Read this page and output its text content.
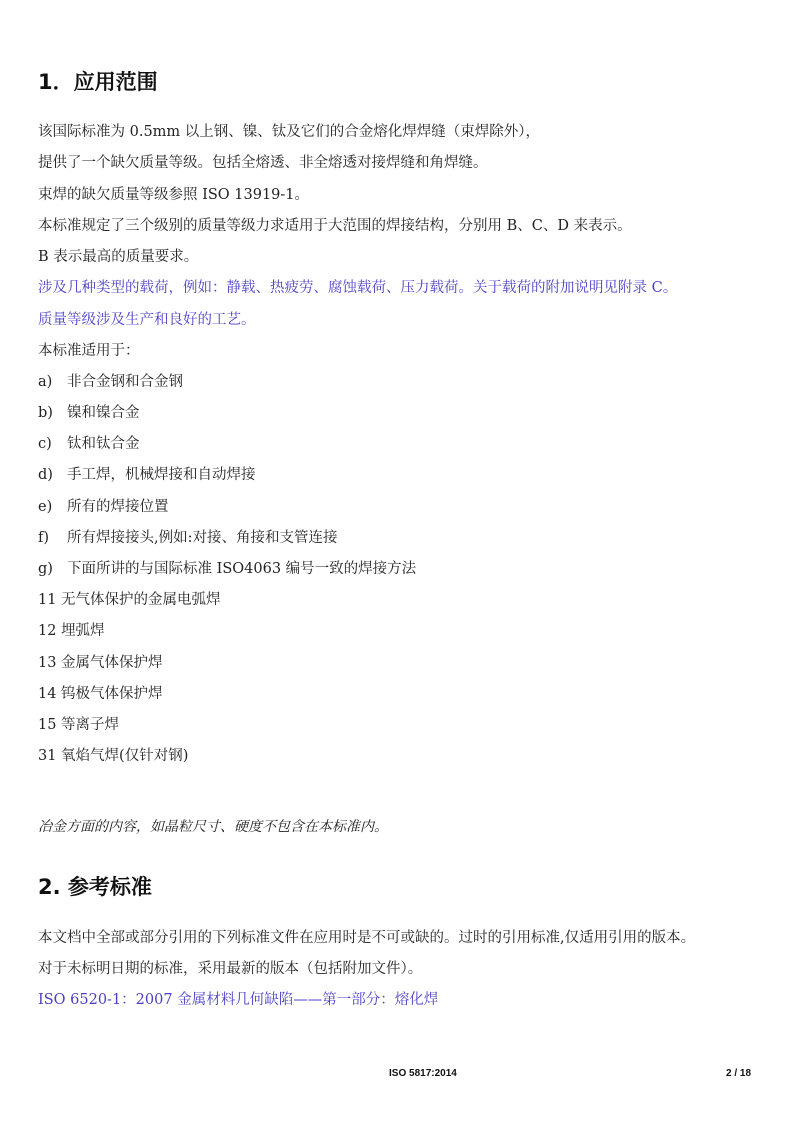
1．应用范围

该国际标准为 0.5mm 以上钢、镍、钛及它们的合金熔化焊焊缝（束焊除外），

提供了一个缺欠质量等级。包括全熔透、非全熔透对接焊缝和角焊缝。

束焊的缺欠质量等级参照 ISO 13919-1。

本标准规定了三个级别的质量等级力求适用于大范围的焊接结构，分别用 B、C、D 来表示。

B 表示最高的质量要求。

涉及几种类型的载荷，例如：静载、热疲劳、腐蚀载荷、压力载荷。关于载荷的附加说明见附录 C。

质量等级涉及生产和良好的工艺。

本标准适用于：

a) 非合金钢和合金钢

b) 镍和镍合金

c) 钛和钛合金

d) 手工焊，机械焊接和自动焊接

e) 所有的焊接位置

f) 所有焊接接头,例如:对接、角接和支管连接

g) 下面所讲的与国际标准 ISO4063 编号一致的焊接方法

11 无气体保护的金属电弧焊

12 埋弧焊

13 金属气体保护焊

14 钨极气体保护焊

15 等离子焊

31 氧焰气焊(仅针对钢)

冶金方面的内容，如晶粒尺寸、硬度不包含在本标准内。

2. 参考标准

本文档中全部或部分引用的下列标准文件在应用时是不可或缺的。过时的引用标准,仅适用引用的版本。

对于未标明日期的标准，采用最新的版本（包括附加文件）。

ISO 6520-1：2007 金属材料几何缺陷——第一部分：熔化焊

ISO 5817:2014	2 / 18
